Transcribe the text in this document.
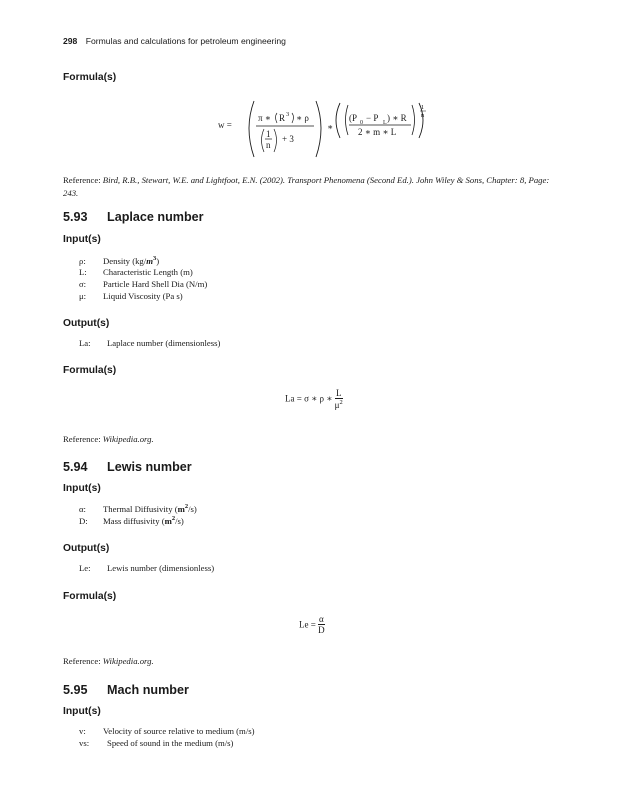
298 Formulas and calculations for petroleum engineering
Formula(s)
w =
π ∗ R 3 ∗ ρ
1
n
+ 3
∗
(P 0 − P L ) ∗ R
2 ∗ m ∗ L
1
n
Reference: Bird, R.B., Stewart, W.E. and Lightfoot, E.N. (2002). Transport Phenomena (Second Ed.). John Wiley & Sons, Chapter: 8, Page: 243.
5.93 Laplace number
Input(s)
ρ: Density $(kg/m^3)$
L: Characteristic Length (m)
σ: Particle Hard Shell Dia (N/m)
μ: Liquid Viscosity (Pa s)
Output(s)
La: Laplace number (dimensionless)
Formula(s)
La = σ ∗ ρ ∗ $\frac{L}{\mu^2}$
Reference: Wikipedia.org.
5.94 Lewis number
Input(s)
α: Thermal Diffusivity $(m^2/s)$
D: Mass diffusivity $(m^2/s)$
Output(s)
Le: Lewis number (dimensionless)
Formula(s)
$Le = \frac{\alpha}{D}$
Reference: Wikipedia.org.
5.95 Mach number
Input(s)
v: Velocity of source relative to medium (m/s)
vs: Speed of sound in the medium (m/s)
